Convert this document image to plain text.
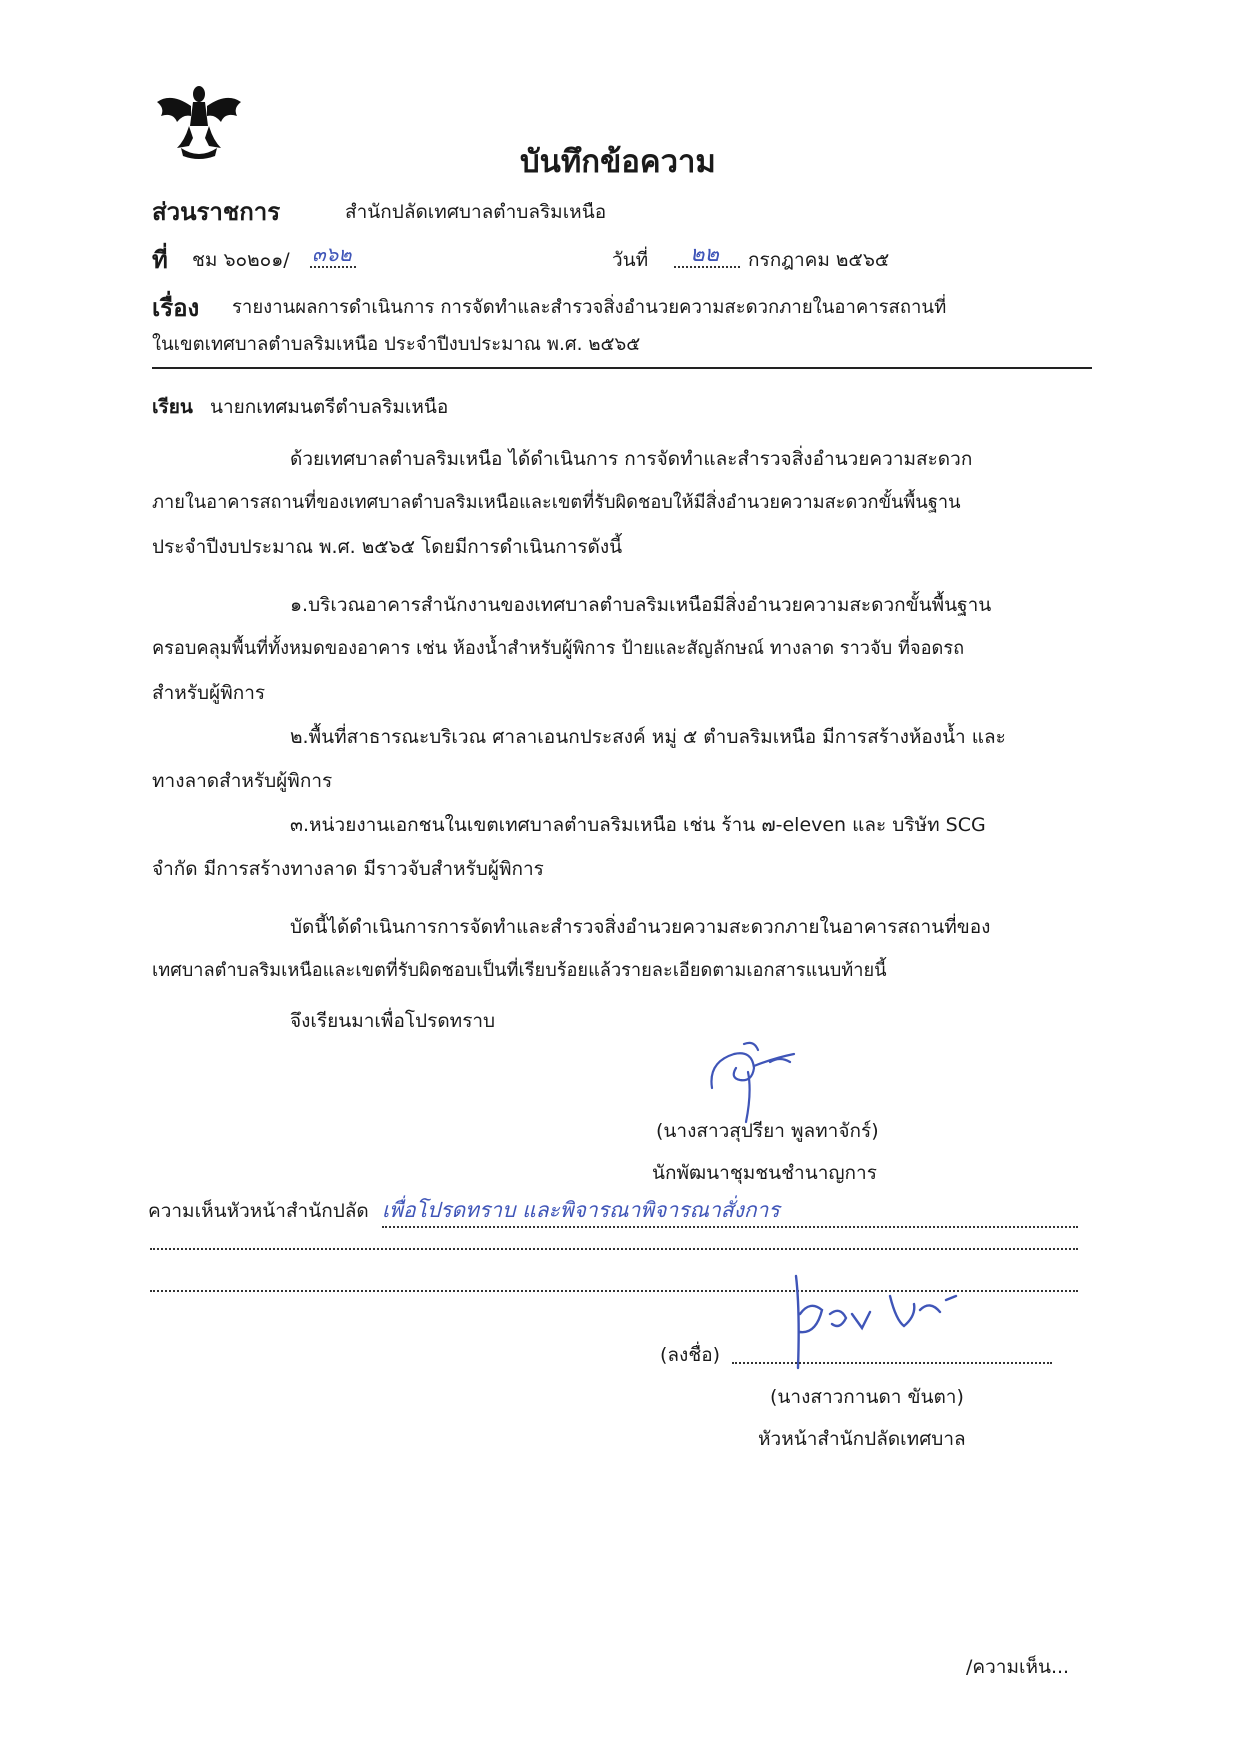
บันทึกข้อความ
ส่วนราชการ	สำนักปลัดเทศบาลตำบลริมเหนือ
ที่ ชม ๖๐๒๐๑/ ๓๖๒	วันที่ ๒๒ กรกฎาคม ๒๕๖๕
เรื่อง รายงานผลการดำเนินการ การจัดทำและสำรวจสิ่งอำนวยความสะดวกภายในอาคารสถานที่
ในเขตเทศบาลตำบลริมเหนือ ประจำปีงบประมาณ พ.ศ. ๒๕๖๕
เรียน นายกเทศมนตรีตำบลริมเหนือ
ด้วยเทศบาลตำบลริมเหนือ ได้ดำเนินการ การจัดทำและสำรวจสิ่งอำนวยความสะดวก
ภายในอาคารสถานที่ของเทศบาลตำบลริมเหนือและเขตที่รับผิดชอบให้มีสิ่งอำนวยความสะดวกขั้นพื้นฐาน
ประจำปีงบประมาณ พ.ศ. ๒๕๖๕ โดยมีการดำเนินการดังนี้
๑.บริเวณอาคารสำนักงานของเทศบาลตำบลริมเหนือมีสิ่งอำนวยความสะดวกขั้นพื้นฐาน
ครอบคลุมพื้นที่ทั้งหมดของอาคาร เช่น ห้องน้ำสำหรับผู้พิการ ป้ายและสัญลักษณ์ ทางลาด ราวจับ ที่จอดรถ
สำหรับผู้พิการ
๒.พื้นที่สาธารณะบริเวณ ศาลาเอนกประสงค์ หมู่ ๕ ตำบลริมเหนือ มีการสร้างห้องน้ำ และ
ทางลาดสำหรับผู้พิการ
๓.หน่วยงานเอกชนในเขตเทศบาลตำบลริมเหนือ เช่น ร้าน ๗-eleven และ บริษัท SCG
จำกัด มีการสร้างทางลาด มีราวจับสำหรับผู้พิการ
บัดนี้ได้ดำเนินการการจัดทำและสำรวจสิ่งอำนวยความสะดวกภายในอาคารสถานที่ของ
เทศบาลตำบลริมเหนือและเขตที่รับผิดชอบเป็นที่เรียบร้อยแล้วรายละเอียดตามเอกสารแนบท้ายนี้
จึงเรียนมาเพื่อโปรดทราบ
(นางสาวสุปรียา พูลทาจักร์)
นักพัฒนาชุมชนชำนาญการ
ความเห็นหัวหน้าสำนักปลัด เพื่อโปรดทราบ และพิจารณาพิจารณาสั่งการ
(ลงชื่อ)
(นางสาวกานดา ขันตา)
หัวหน้าสำนักปลัดเทศบาล
/ความเห็น...
